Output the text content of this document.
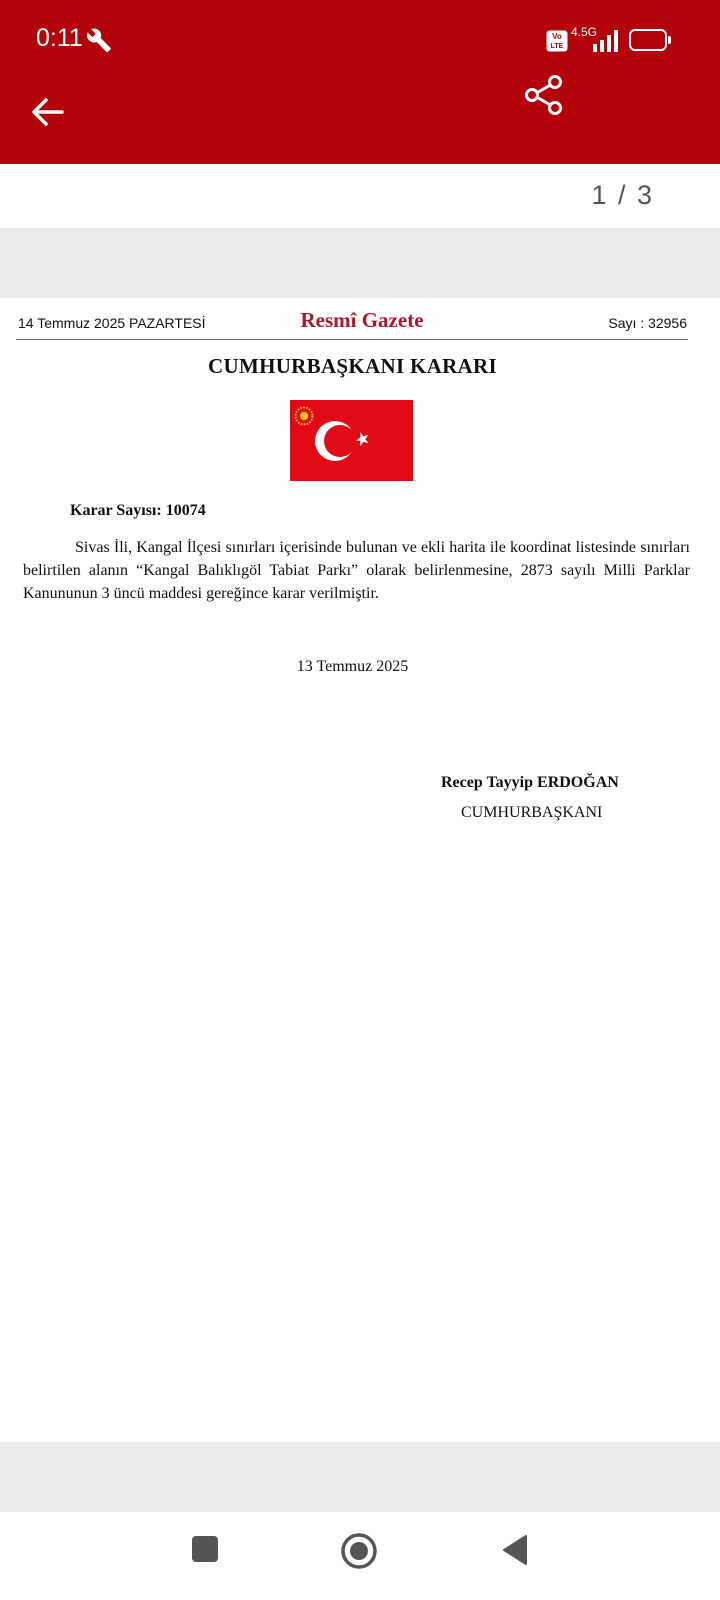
0:11	Vo
LTE
4.5G	40
1 / 3
14 Temmuz 2025 PAZARTESİ	Resmî Gazete	Sayı : 32956
CUMHURBAŞKANI KARARI
Karar Sayısı: 10074

Sivas İli, Kangal İlçesi sınırları içerisinde bulunan ve ekli harita ile koordinat listesinde sınırları belirtilen alanın “Kangal Balıklıgöl Tabiat Parkı” olarak belirlenmesine, 2873 sayılı Milli Parklar Kanununun 3 üncü maddesi gereğince karar verilmiştir.

13 Temmuz 2025
Recep Tayyip ERDOĞAN
CUMHURBAŞKANI
